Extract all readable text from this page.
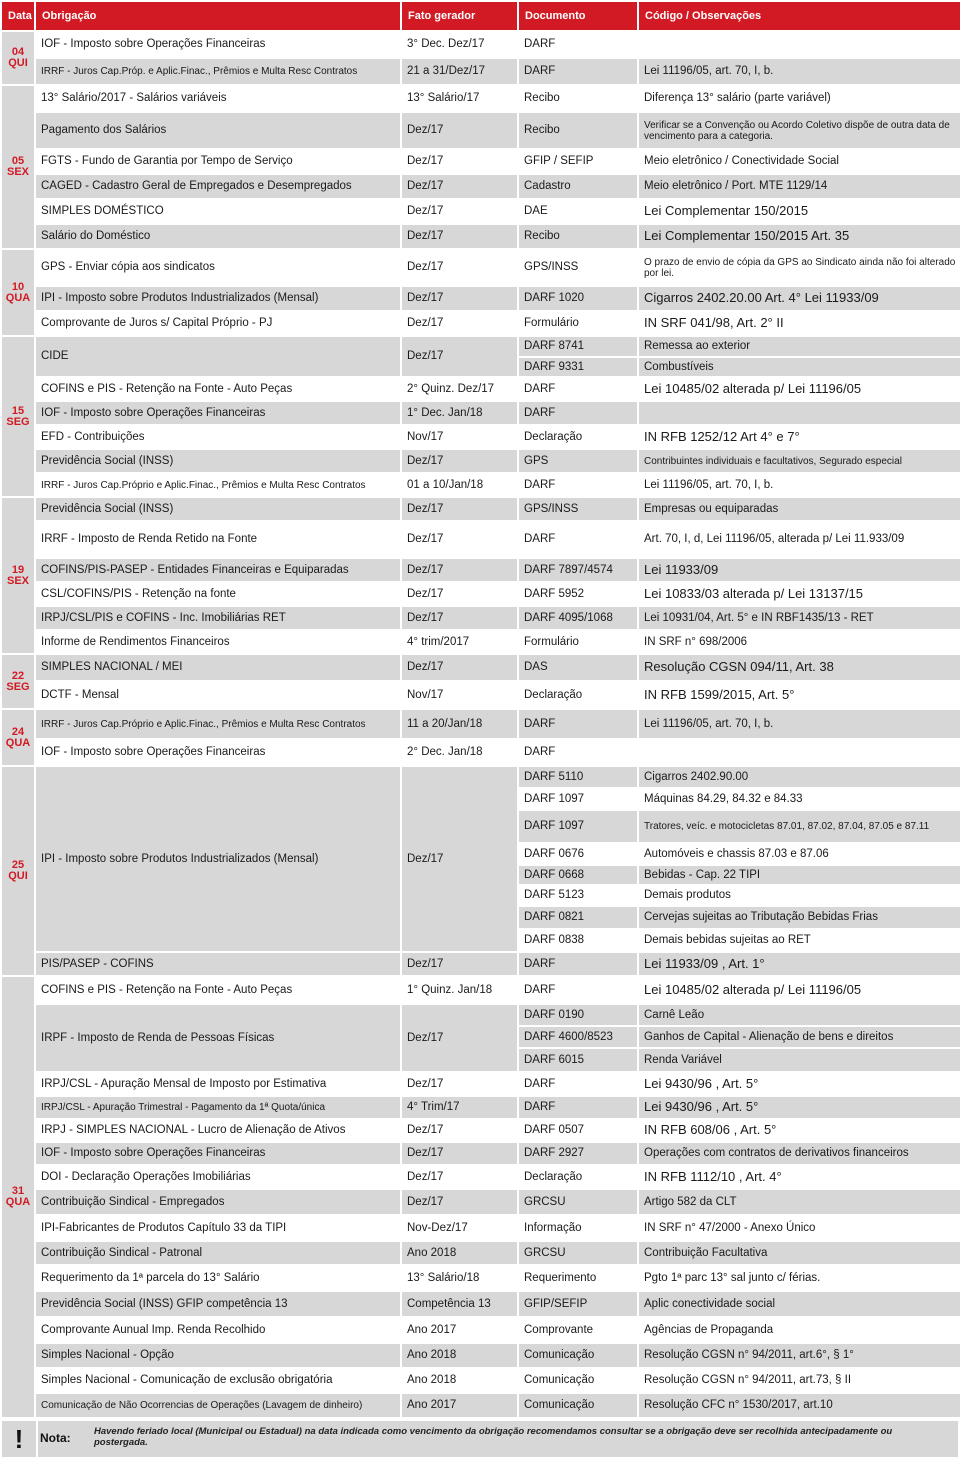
Data	Obrigação	Fato gerador	Documento	Código / Observações

04
QUI	IOF - Imposto sobre Operações Financeiras	3° Dec. Dez/17	DARF	
	IRRF - Juros Cap.Próp. e Aplic.Finac., Prêmios e Multa Resc Contratos	21 a 31/Dez/17	DARF	Lei 11196/05, art. 70, I, b.

05
SEX	13° Salário/2017 - Salários variáveis	13° Salário/17	Recibo	Diferença 13° salário (parte variável)
	Pagamento dos Salários	Dez/17	Recibo	Verificar se a Convenção ou Acordo Coletivo dispõe de outra data de vencimento para a categoria.
	FGTS - Fundo de Garantia por Tempo de Serviço	Dez/17	GFIP / SEFIP	Meio eletrônico / Conectividade Social
	CAGED - Cadastro Geral de Empregados e Desempregados	Dez/17	Cadastro	Meio eletrônico / Port. MTE 1129/14
	SIMPLES DOMÉSTICO	Dez/17	DAE	Lei Complementar 150/2015
	Salário do Doméstico	Dez/17	Recibo	Lei Complementar 150/2015 Art. 35

10
QUA	GPS - Enviar cópia aos sindicatos	Dez/17	GPS/INSS	O prazo de envio de cópia da GPS ao Sindicato ainda não foi alterado por lei.
	IPI - Imposto sobre Produtos Industrializados (Mensal)	Dez/17	DARF 1020	Cigarros 2402.20.00 Art. 4° Lei 11933/09
	Comprovante de Juros s/ Capital Próprio - PJ	Dez/17	Formulário	IN SRF 041/98, Art. 2° II

15
SEG	CIDE	Dez/17	DARF 8741	Remessa ao exterior
			DARF 9331	Combustíveis
	COFINS e PIS - Retenção na Fonte - Auto Peças	2° Quinz. Dez/17	DARF	Lei 10485/02 alterada p/ Lei 11196/05
	IOF - Imposto sobre Operações Financeiras	1° Dec. Jan/18	DARF	
	EFD - Contribuições	Nov/17	Declaração	IN RFB 1252/12 Art 4° e 7°
	Previdência Social (INSS)	Dez/17	GPS	Contribuintes individuais e facultativos, Segurado especial
	IRRF - Juros Cap.Próprio e Aplic.Finac., Prêmios e Multa Resc Contratos	01 a 10/Jan/18	DARF	Lei 11196/05, art. 70, I, b.

19
SEX	Previdência Social (INSS)	Dez/17	GPS/INSS	Empresas ou equiparadas
	IRRF - Imposto de Renda Retido na Fonte	Dez/17	DARF	Art. 70, I, d, Lei 11196/05, alterada p/ Lei 11.933/09
	COFINS/PIS-PASEP - Entidades Financeiras e Equiparadas	Dez/17	DARF 7897/4574	Lei 11933/09
	CSL/COFINS/PIS - Retenção na fonte	Dez/17	DARF 5952	Lei 10833/03 alterada p/ Lei 13137/15
	IRPJ/CSL/PIS e COFINS - Inc. Imobiliárias RET	Dez/17	DARF 4095/1068	Lei 10931/04, Art. 5° e IN RBF1435/13 - RET
	Informe de Rendimentos Financeiros	4° trim/2017	Formulário	IN SRF n° 698/2006

22
SEG	SIMPLES NACIONAL / MEI	Dez/17	DAS	Resolução CGSN 094/11, Art. 38
	DCTF - Mensal	Nov/17	Declaração	IN RFB 1599/2015, Art. 5°

24
QUA	IRRF - Juros Cap.Próprio e Aplic.Finac., Prêmios e Multa Resc Contratos	11 a 20/Jan/18	DARF	Lei 11196/05, art. 70, I, b.
	IOF - Imposto sobre Operações Financeiras	2° Dec. Jan/18	DARF	

25
QUI	IPI - Imposto sobre Produtos Industrializados (Mensal)	Dez/17	DARF 5110	Cigarros 2402.90.00
			DARF 1097	Máquinas 84.29, 84.32 e 84.33
			DARF 1097	Tratores, veíc. e motocicletas 87.01, 87.02, 87.04, 87.05 e 87.11
			DARF 0676	Automóveis e chassis 87.03 e 87.06
			DARF 0668	Bebidas - Cap. 22 TIPI
			DARF 5123	Demais produtos
			DARF 0821	Cervejas sujeitas ao Tributação Bebidas Frias
			DARF 0838	Demais bebidas sujeitas ao RET
	PIS/PASEP - COFINS	Dez/17	DARF	Lei 11933/09 , Art. 1°

31
QUA	COFINS e PIS - Retenção na Fonte - Auto Peças	1° Quinz. Jan/18	DARF	Lei 10485/02 alterada p/ Lei 11196/05
	IRPF - Imposto de Renda de Pessoas Físicas	Dez/17	DARF 0190	Carnê Leão
			DARF 4600/8523	Ganhos de Capital - Alienação de bens e direitos
			DARF 6015	Renda Variável
	IRPJ/CSL - Apuração Mensal de Imposto por Estimativa	Dez/17	DARF	Lei 9430/96 , Art. 5°
	IRPJ/CSL - Apuração Trimestral - Pagamento da 1ª Quota/única	4° Trim/17	DARF	Lei 9430/96 , Art. 5°
	IRPJ - SIMPLES NACIONAL - Lucro de Alienação de Ativos	Dez/17	DARF 0507	IN RFB 608/06 , Art. 5°
	IOF - Imposto sobre Operações Financeiras	Dez/17	DARF 2927	Operações com contratos de derivativos financeiros
	DOI - Declaração Operações Imobiliárias	Dez/17	Declaração	IN RFB 1112/10 , Art. 4°
	Contribuição Sindical - Empregados	Dez/17	GRCSU	Artigo 582 da CLT
	IPI-Fabricantes de Produtos Capítulo 33 da TIPI	Nov-Dez/17	Informação	IN SRF n° 47/2000 - Anexo Único
	Contribuição Sindical - Patronal	Ano 2018	GRCSU	Contribuição Facultativa
	Requerimento da 1ª parcela do 13° Salário	13° Salário/18	Requerimento	Pgto 1ª parc 13° sal junto c/ férias.
	Previdência Social (INSS) GFIP competência 13	Competência 13	GFIP/SEFIP	Aplic conectividade social
	Comprovante Aunual Imp. Renda Recolhido	Ano 2017	Comprovante	Agências de Propaganda
	Simples Nacional - Opção	Ano 2018	Comunicação	Resolução CGSN n° 94/2011, art.6°, § 1°
	Simples Nacional - Comunicação de exclusão obrigatória	Ano 2018	Comunicação	Resolução CGSN n° 94/2011, art.73, § II
	Comunicação de Não Ocorrencias de Operações (Lavagem de dinheiro)	Ano 2017	Comunicação	Resolução CFC n° 1530/2017, art.10
!	Nota: Havendo feriado local (Municipal ou Estadual) na data indicada como vencimento da obrigação recomendamos consultar se a obrigação deve ser recolhida antecipadamente ou postergada.
